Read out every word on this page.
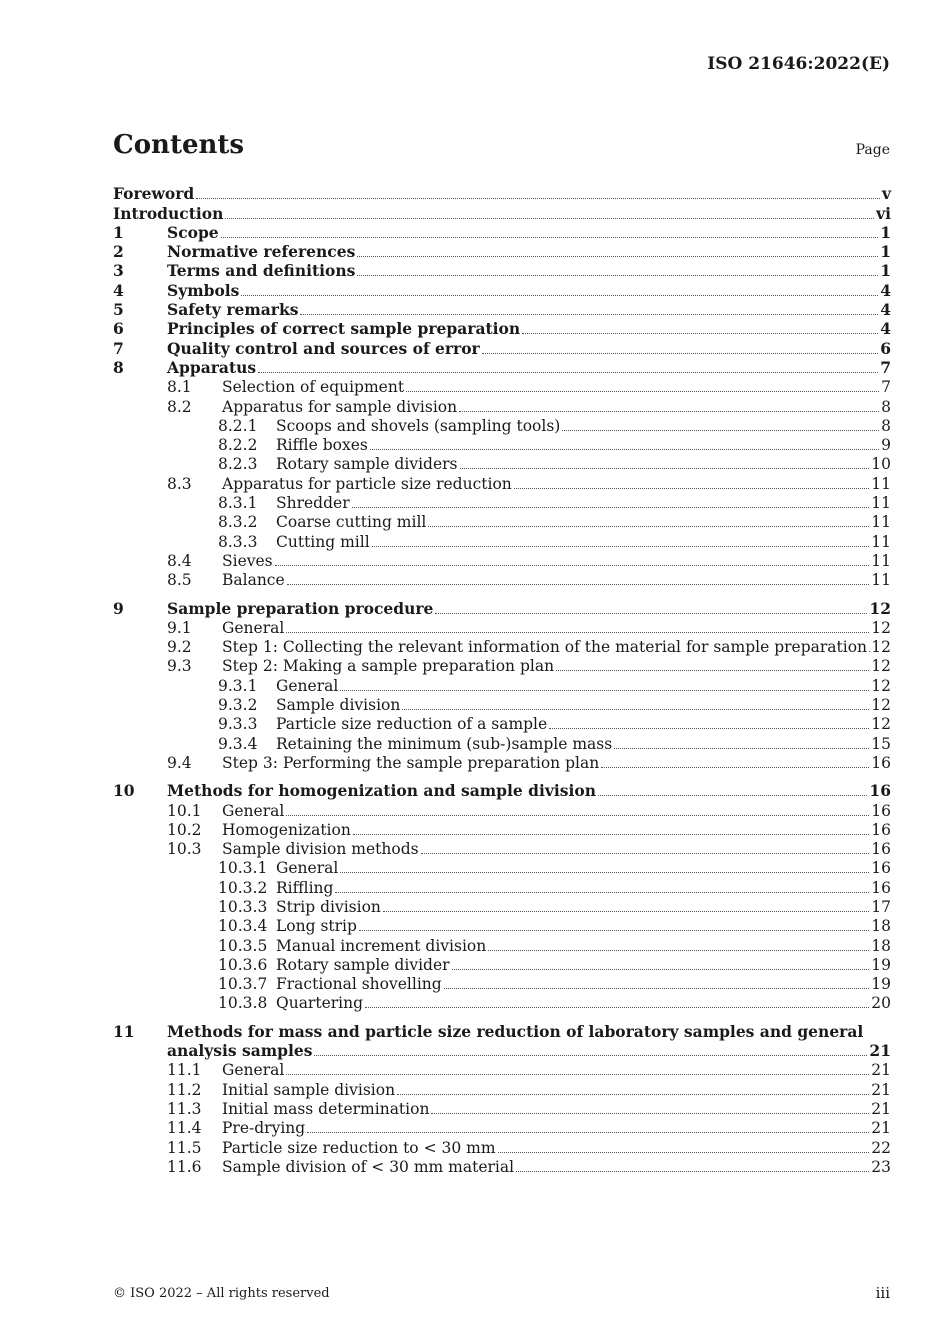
ISO 21646:2022(E)
Contents	Page
Foreword	v
Introduction	vi
1	Scope	1
2	Normative references	1
3	Terms and definitions	1
4	Symbols	4
5	Safety remarks	4
6	Principles of correct sample preparation	4
7	Quality control and sources of error	6
8	Apparatus	7
8.1 Selection of equipment	7
8.2 Apparatus for sample division	8
8.2.1 Scoops and shovels (sampling tools)	8
8.2.2 Riffle boxes	9
8.2.3 Rotary sample dividers	10
8.3 Apparatus for particle size reduction	11
8.3.1 Shredder	11
8.3.2 Coarse cutting mill	11
8.3.3 Cutting mill	11
8.4 Sieves	11
8.5 Balance	11
9	Sample preparation procedure	12
9.1 General	12
9.2 Step 1: Collecting the relevant information of the material for sample preparation 12
9.3 Step 2: Making a sample preparation plan	12
9.3.1 General	12
9.3.2 Sample division	12
9.3.3 Particle size reduction of a sample	12
9.3.4 Retaining the minimum (sub-)sample mass	15
9.4 Step 3: Performing the sample preparation plan	16
10 Methods for homogenization and sample division	16
10.1 General	16
10.2 Homogenization	16
10.3 Sample division methods	16
10.3.1 General	16
10.3.2 Riffling	16
10.3.3 Strip division	17
10.3.4 Long strip	18
10.3.5 Manual increment division	18
10.3.6 Rotary sample divider	19
10.3.7 Fractional shovelling	19
10.3.8 Quartering	20
11 Methods for mass and particle size reduction of laboratory samples and general
analysis samples	21
11.1 General	21
11.2 Initial sample division	21
11.3 Initial mass determination	21
11.4 Pre-drying	21
11.5 Particle size reduction to < 30 mm	22
11.6 Sample division of < 30 mm material	23
© ISO 2022 – All rights reserved	iii
